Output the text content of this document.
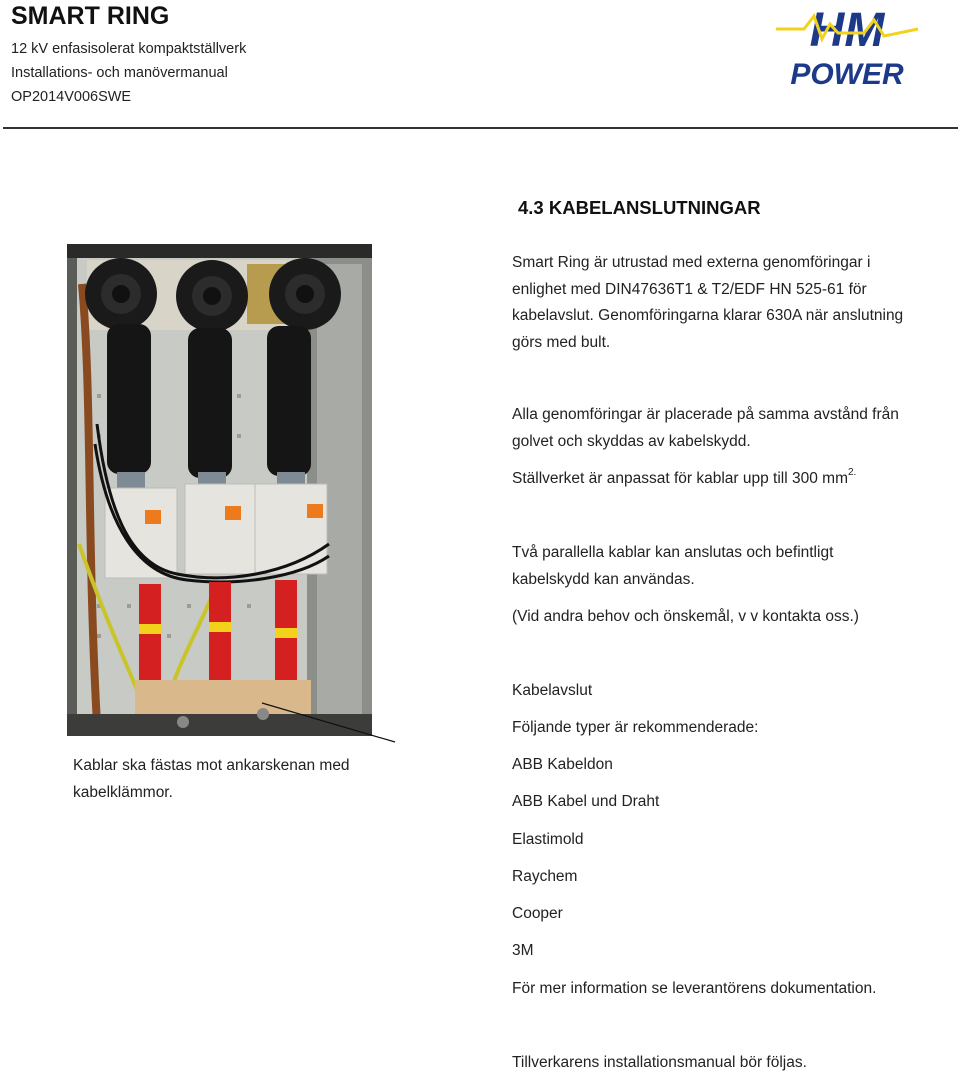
SMART RING
12 kV enfasisolerat kompaktställverk
Installations- och manövermanual
OP2014V006SWE
HM
POWER
4.3 KABELANSLUTNINGAR
Smart Ring är utrustad med externa genomföringar i enlighet med DIN47636T1 & T2/EDF HN 525-61 för kabelavslut. Genomföringarna klarar 630A när anslutning görs med bult.
Alla genomföringar är placerade på samma avstånd från golvet och skyddas av kabelskydd.
Ställverket är anpassat för kablar upp till 300 $mm^{2.}$
Två parallella kablar kan anslutas och befintligt kabelskydd kan användas.
(Vid andra behov och önskemål, v v kontakta oss.)
Kabelavslut
Följande typer är rekommenderade:
ABB Kabeldon
ABB Kabel und Draht
Elastimold
Raychem
Cooper
3M
För mer information se leverantörens dokumentation.
Tillverkarens installationsmanual bör följas.
Kablar ska fästas mot ankarskenan med kabelklämmor.
